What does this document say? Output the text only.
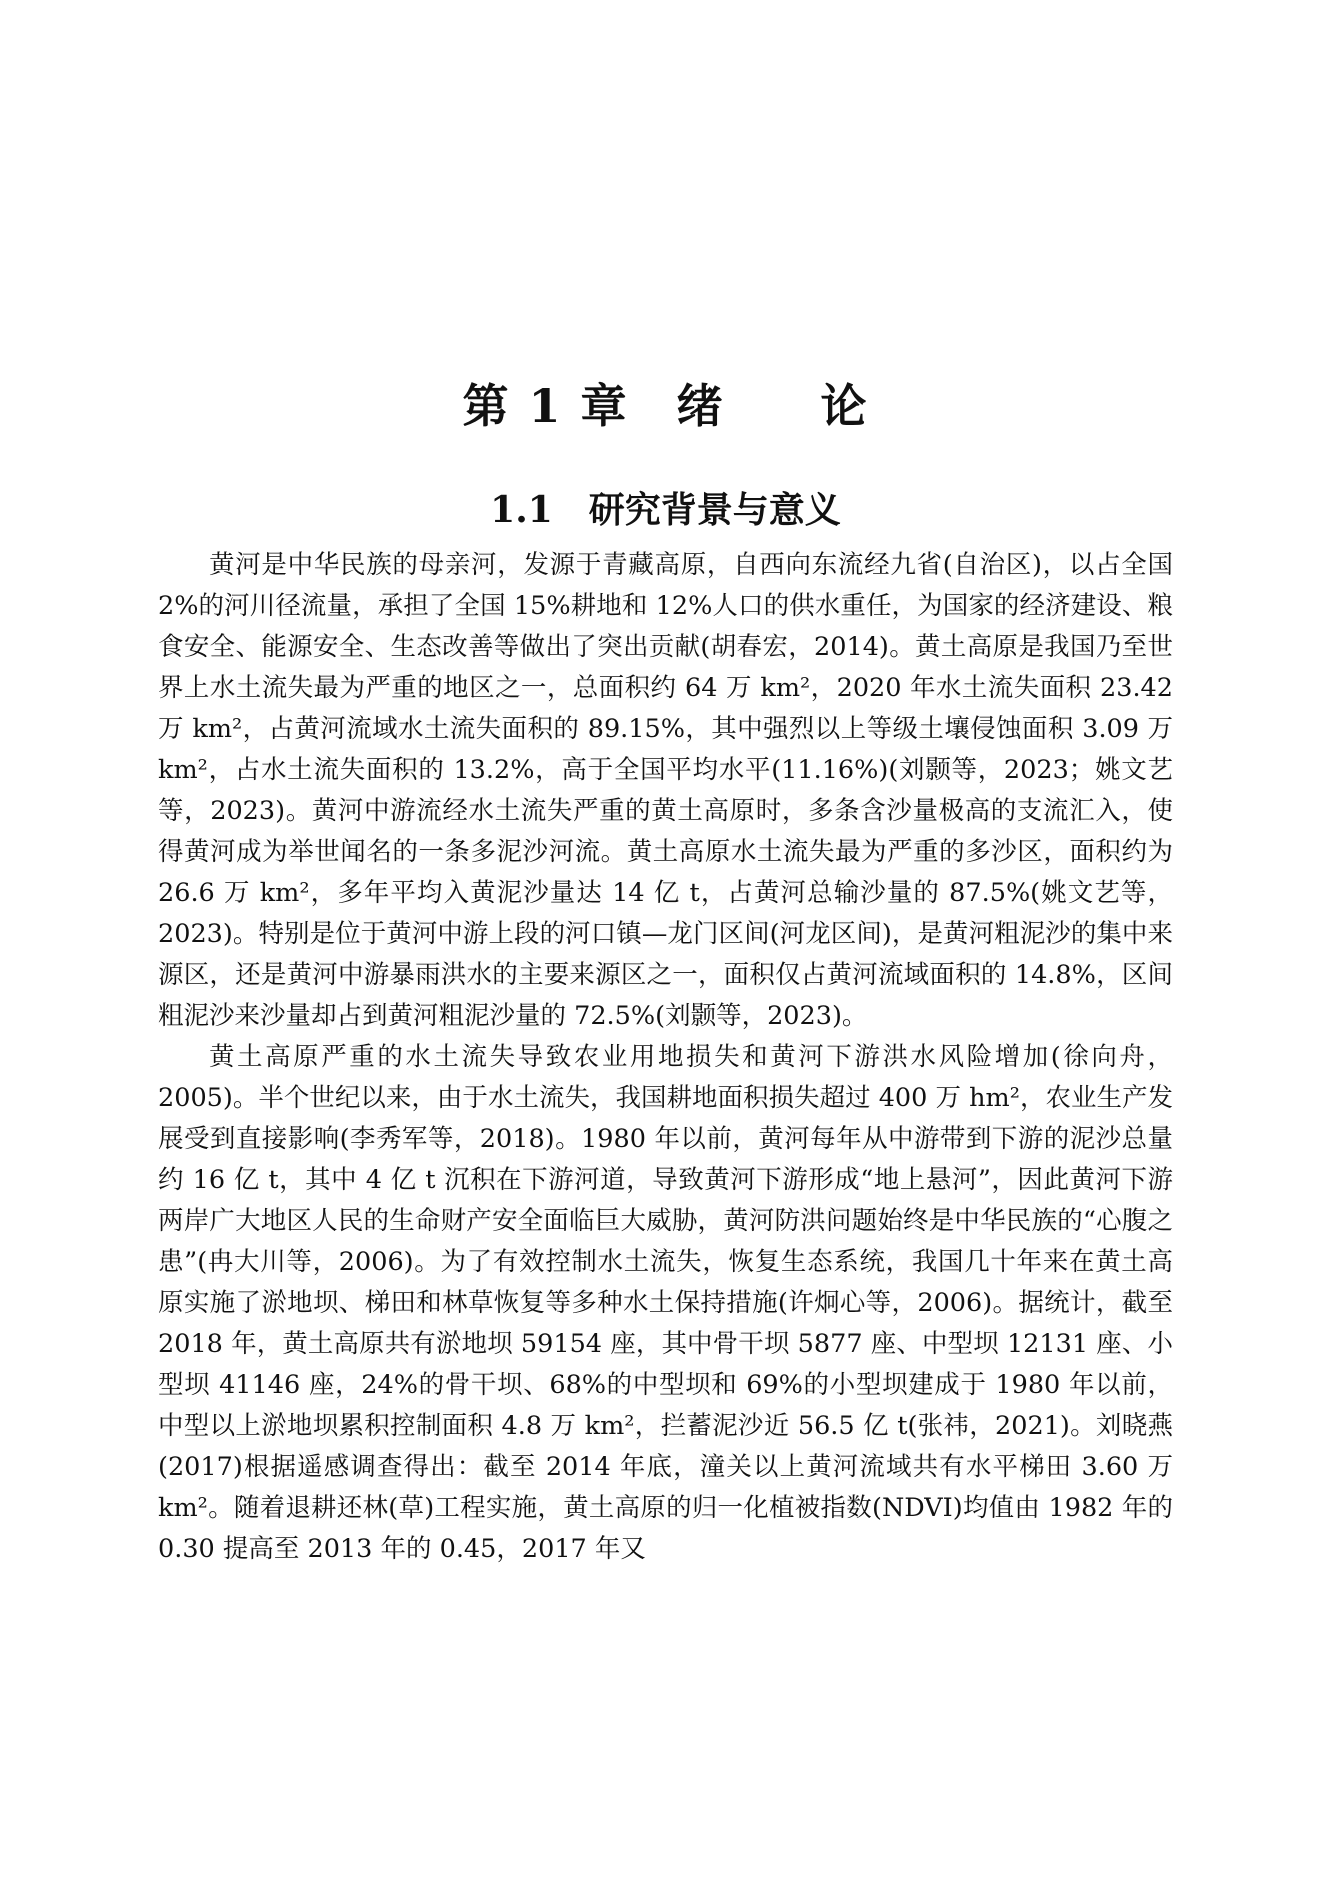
第 1 章　绪　　论
1.1　研究背景与意义

黄河是中华民族的母亲河，发源于青藏高原，自西向东流经九省(自治区)，以占全国 2%的河川径流量，承担了全国 15%耕地和 12%人口的供水重任，为国家的经济建设、粮食安全、能源安全、生态改善等做出了突出贡献(胡春宏，2014)。黄土高原是我国乃至世界上水土流失最为严重的地区之一，总面积约 64 万 km²，2020 年水土流失面积 23.42 万 km²，占黄河流域水土流失面积的 89.15%，其中强烈以上等级土壤侵蚀面积 3.09 万 km²，占水土流失面积的 13.2%，高于全国平均水平(11.16%)(刘颢等，2023；姚文艺等，2023)。黄河中游流经水土流失严重的黄土高原时，多条含沙量极高的支流汇入，使得黄河成为举世闻名的一条多泥沙河流。黄土高原水土流失最为严重的多沙区，面积约为 26.6 万 km²，多年平均入黄泥沙量达 14 亿 t，占黄河总输沙量的 87.5%(姚文艺等，2023)。特别是位于黄河中游上段的河口镇—龙门区间(河龙区间)，是黄河粗泥沙的集中来源区，还是黄河中游暴雨洪水的主要来源区之一，面积仅占黄河流域面积的 14.8%，区间粗泥沙来沙量却占到黄河粗泥沙量的 72.5%(刘颢等，2023)。

黄土高原严重的水土流失导致农业用地损失和黄河下游洪水风险增加(徐向舟，2005)。半个世纪以来，由于水土流失，我国耕地面积损失超过 400 万 hm²，农业生产发展受到直接影响(李秀军等，2018)。1980 年以前，黄河每年从中游带到下游的泥沙总量约 16 亿 t，其中 4 亿 t 沉积在下游河道，导致黄河下游形成“地上悬河”，因此黄河下游两岸广大地区人民的生命财产安全面临巨大威胁，黄河防洪问题始终是中华民族的“心腹之患”(冉大川等，2006)。为了有效控制水土流失，恢复生态系统，我国几十年来在黄土高原实施了淤地坝、梯田和林草恢复等多种水土保持措施(许炯心等，2006)。据统计，截至 2018 年，黄土高原共有淤地坝 59154 座，其中骨干坝 5877 座、中型坝 12131 座、小型坝 41146 座，24%的骨干坝、68%的中型坝和 69%的小型坝建成于 1980 年以前，中型以上淤地坝累积控制面积 4.8 万 km²，拦蓄泥沙近 56.5 亿 t(张祎，2021)。刘晓燕(2017)根据遥感调查得出：截至 2014 年底，潼关以上黄河流域共有水平梯田 3.60 万 km²。随着退耕还林(草)工程实施，黄土高原的归一化植被指数(NDVI)均值由 1982 年的 0.30 提高至 2013 年的 0.45，2017 年又
